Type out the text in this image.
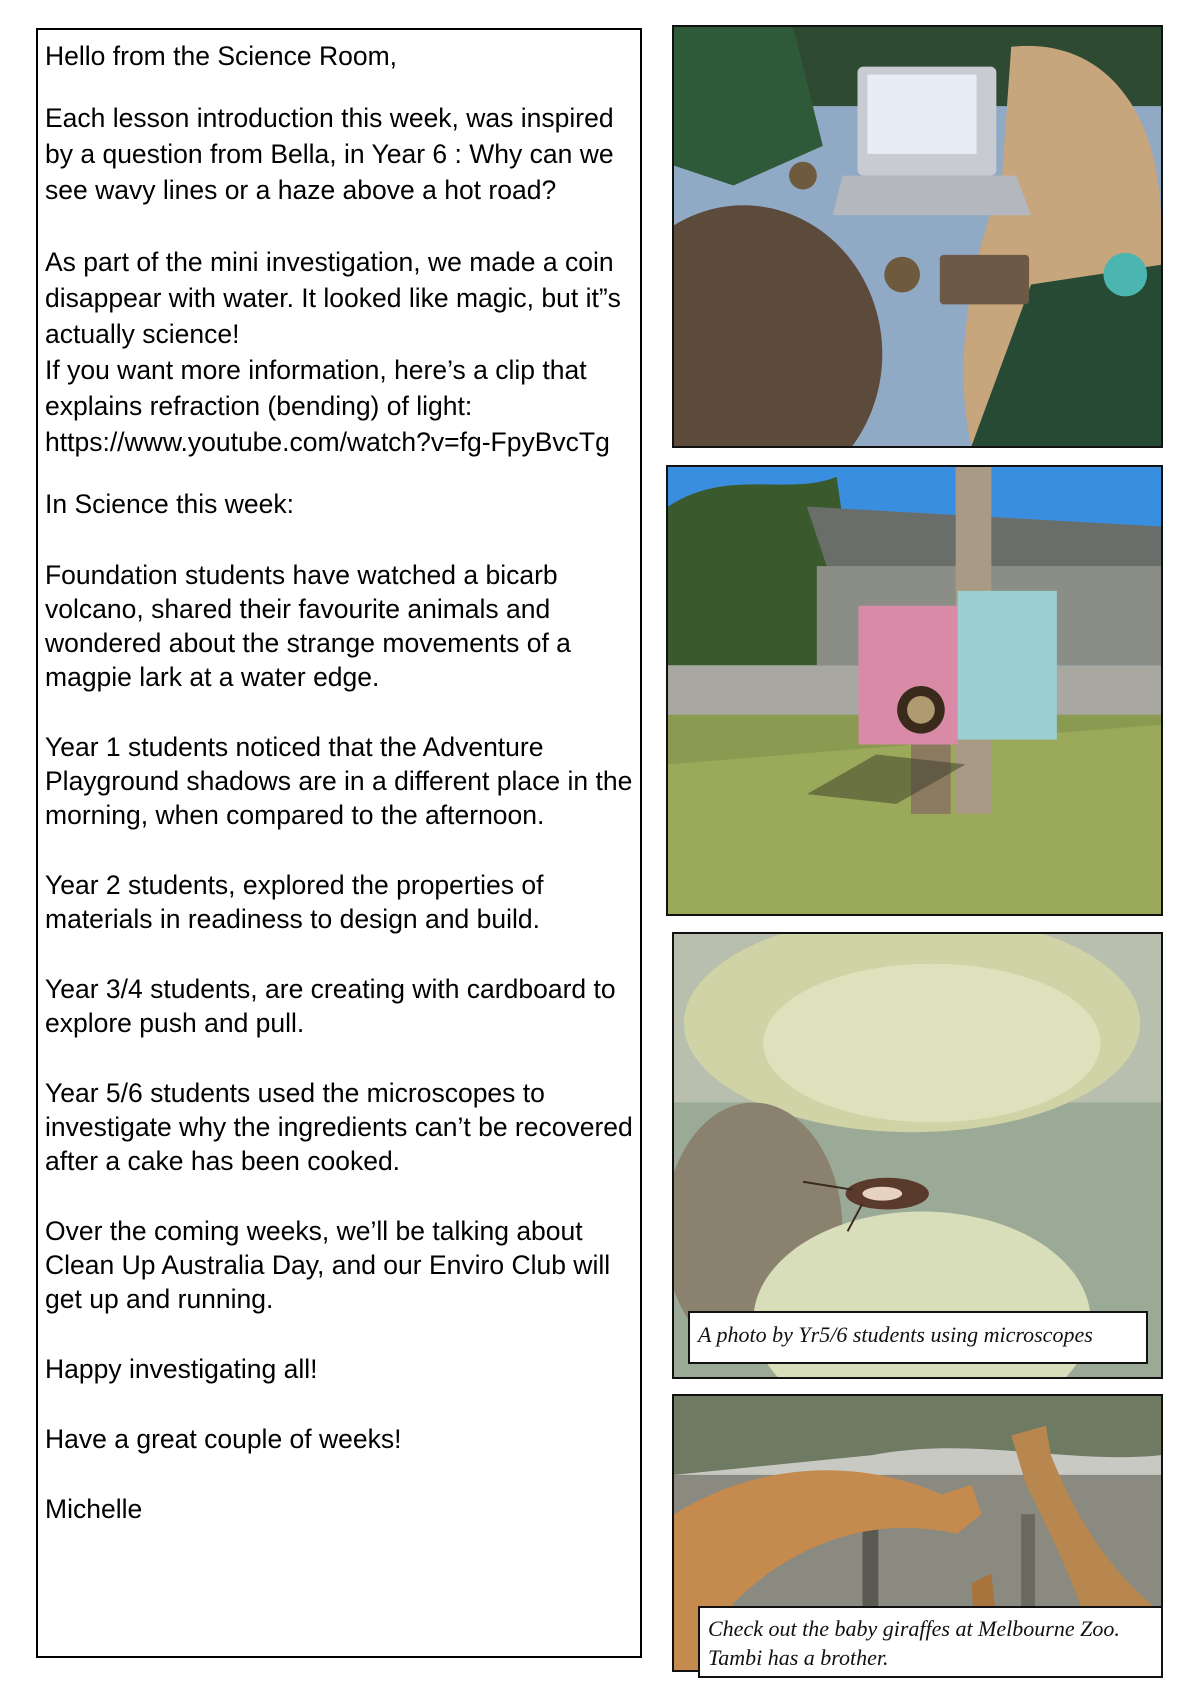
Hello from the Science Room,

Each lesson introduction this week, was inspired by a question from Bella, in Year 6 : Why can we see wavy lines or a haze above a hot road?

As part of the mini investigation, we made a coin disappear with water. It looked like magic, but it”s actually science!
If you want more information, here’s a clip that explains refraction (bending) of light: https://www.youtube.com/watch?v=fg-FpyBvcTg

In Science this week:

Foundation students have watched a bicarb volcano, shared their favourite animals and wondered about the strange movements of a magpie lark at a water edge.

Year 1 students noticed that the Adventure Playground shadows are in a different place in the morning, when compared to the afternoon.

Year 2 students, explored the properties of materials in readiness to design and build.

Year 3/4 students, are creating with cardboard to explore push and pull.

Year 5/6 students used the microscopes to investigate why the ingredients can’t be recovered after a cake has been cooked.

Over the coming weeks, we’ll be talking about Clean Up Australia Day, and our Enviro Club will get up and running.

Happy investigating all!

Have a great couple of weeks!

Michelle

A photo by Yr5/6 students using microscopes
Check out the baby giraffes at Melbourne Zoo.
Tambi has a brother.
